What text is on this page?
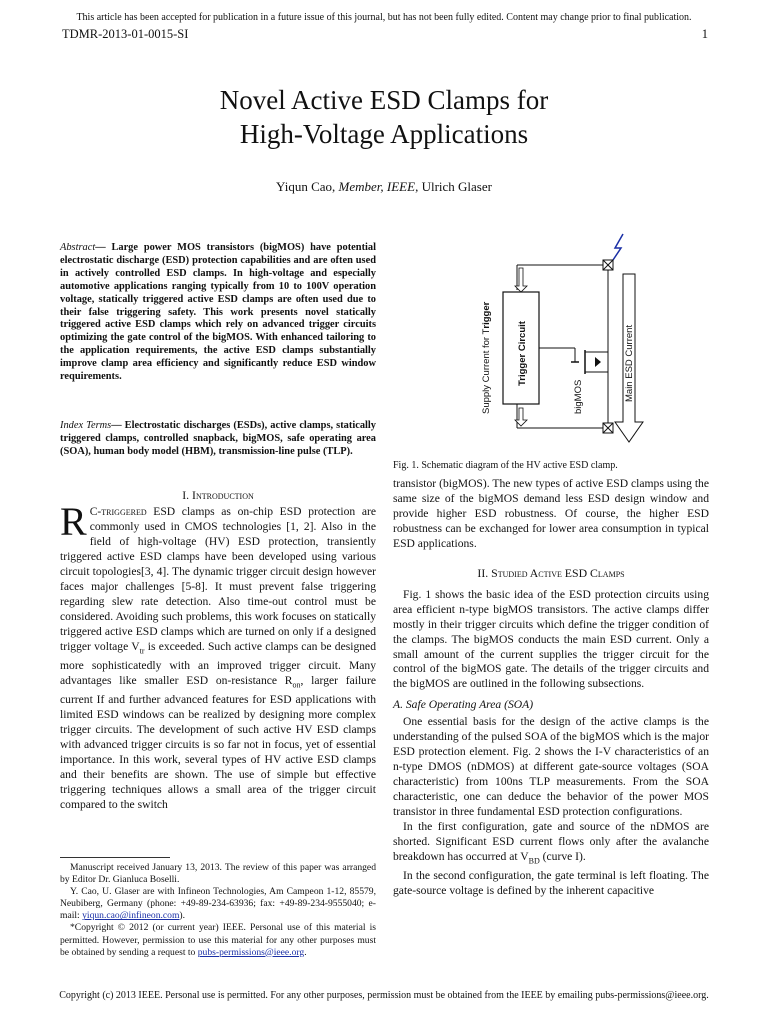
This article has been accepted for publication in a future issue of this journal, but has not been fully edited. Content may change prior to final publication.
TDMR-2013-01-0015-SI	1
Novel Active ESD Clamps for
High-Voltage Applications
Yiqun Cao, Member, IEEE, Ulrich Glaser
Abstract— Large power MOS transistors (bigMOS) have potential electrostatic discharge (ESD) protection capabilities and are often used in actively controlled ESD clamps. In high-voltage and especially automotive applications ranging typically from 10 to 100V operation voltage, statically triggered active ESD clamps are often used due to their false triggering safety. This work presents novel statically triggered active ESD clamps which rely on advanced trigger circuits optimizing the gate control of the bigMOS. With enhanced tailoring to the application requirements, the active ESD clamps substantially improve clamp area efficiency and significantly reduce ESD window requirements.
Index Terms— Electrostatic discharges (ESDs), active clamps, statically triggered clamps, controlled snapback, bigMOS, safe operating area (SOA), human body model (HBM), transmission-line pulse (TLP).
I. Introduction

R C-triggered ESD clamps as on-chip ESD protection are commonly used in CMOS technologies [1, 2]. Also in the field of high-voltage (HV) ESD protection, transiently triggered active ESD clamps have been developed using various circuit topologies[3, 4]. The dynamic trigger circuit design however faces major challenges [5-8]. It must prevent false triggering regarding slew rate detection. Also time-out control must be considered. Avoiding such problems, this work focuses on statically triggered active ESD clamps which are turned on only if a designed trigger voltage $V_{tr}$ is exceeded. Such active clamps can be designed more sophisticatedly with an improved trigger circuit. Many advantages like smaller ESD on-resistance $R_{on}$, larger failure current If and further advanced features for ESD applications with limited ESD windows can be realized by designing more complex trigger circuits. The development of such active HV ESD clamps with advanced trigger circuits is so far not in focus, yet of essential importance. In this work, several types of HV active ESD clamps and their benefits are shown. The use of simple but effective triggering techniques allows a small area of the trigger circuit compared to the switch

Manuscript received January 13, 2013. The review of this paper was arranged by Editor Dr. Gianluca Boselli.

Y. Cao, U. Glaser are with Infineon Technologies, Am Campeon 1-12, 85579, Neubiberg, Germany (phone: +49-89-234-63936; fax: +49-89-234-9555040; e-mail: yiqun.cao@infineon.com).

*Copyright © 2012 (or current year) IEEE. Personal use of this material is permitted. However, permission to use this material for any other purposes must be obtained by sending a request to pubs-permissions@ieee.org.

Trigger Circuit
Supply Current for Trigger
bigMOS	Main ESD Current
Fig. 1. Schematic diagram of the HV active ESD clamp.

transistor (bigMOS). The new types of active ESD clamps using the same size of the bigMOS demand less ESD design window and provide higher ESD robustness. Of course, the higher ESD robustness can be exchanged for lower area consumption in typical ESD applications.

II. Studied Active ESD Clamps

Fig. 1 shows the basic idea of the ESD protection circuits using area efficient n-type bigMOS transistors. The active clamps differ mostly in their trigger circuits which define the trigger condition of the clamps. The bigMOS conducts the main ESD current. Only a small amount of the current supplies the trigger circuit for the control of the bigMOS gate. The details of the trigger circuits and the bigMOS are outlined in the following subsections.

A. Safe Operating Area (SOA)

One essential basis for the design of the active clamps is the understanding of the pulsed SOA of the bigMOS which is the major ESD protection element. Fig. 2 shows the I-V characteristics of an n-type DMOS (nDMOS) at different gate-source voltages (SOA characteristic) from 100ns TLP measurements. From the SOA characteristic, one can deduce the behavior of the power MOS transistor in three fundamental ESD protection configurations.

In the first configuration, gate and source of the nDMOS are shorted. Significant ESD current flows only after the avalanche breakdown has occurred at $V_{BD}$ (curve I).

In the second configuration, the gate terminal is left floating. The gate-source voltage is defined by the inherent capacitive

Copyright (c) 2013 IEEE. Personal use is permitted. For any other purposes, permission must be obtained from the IEEE by emailing pubs-permissions@ieee.org.
